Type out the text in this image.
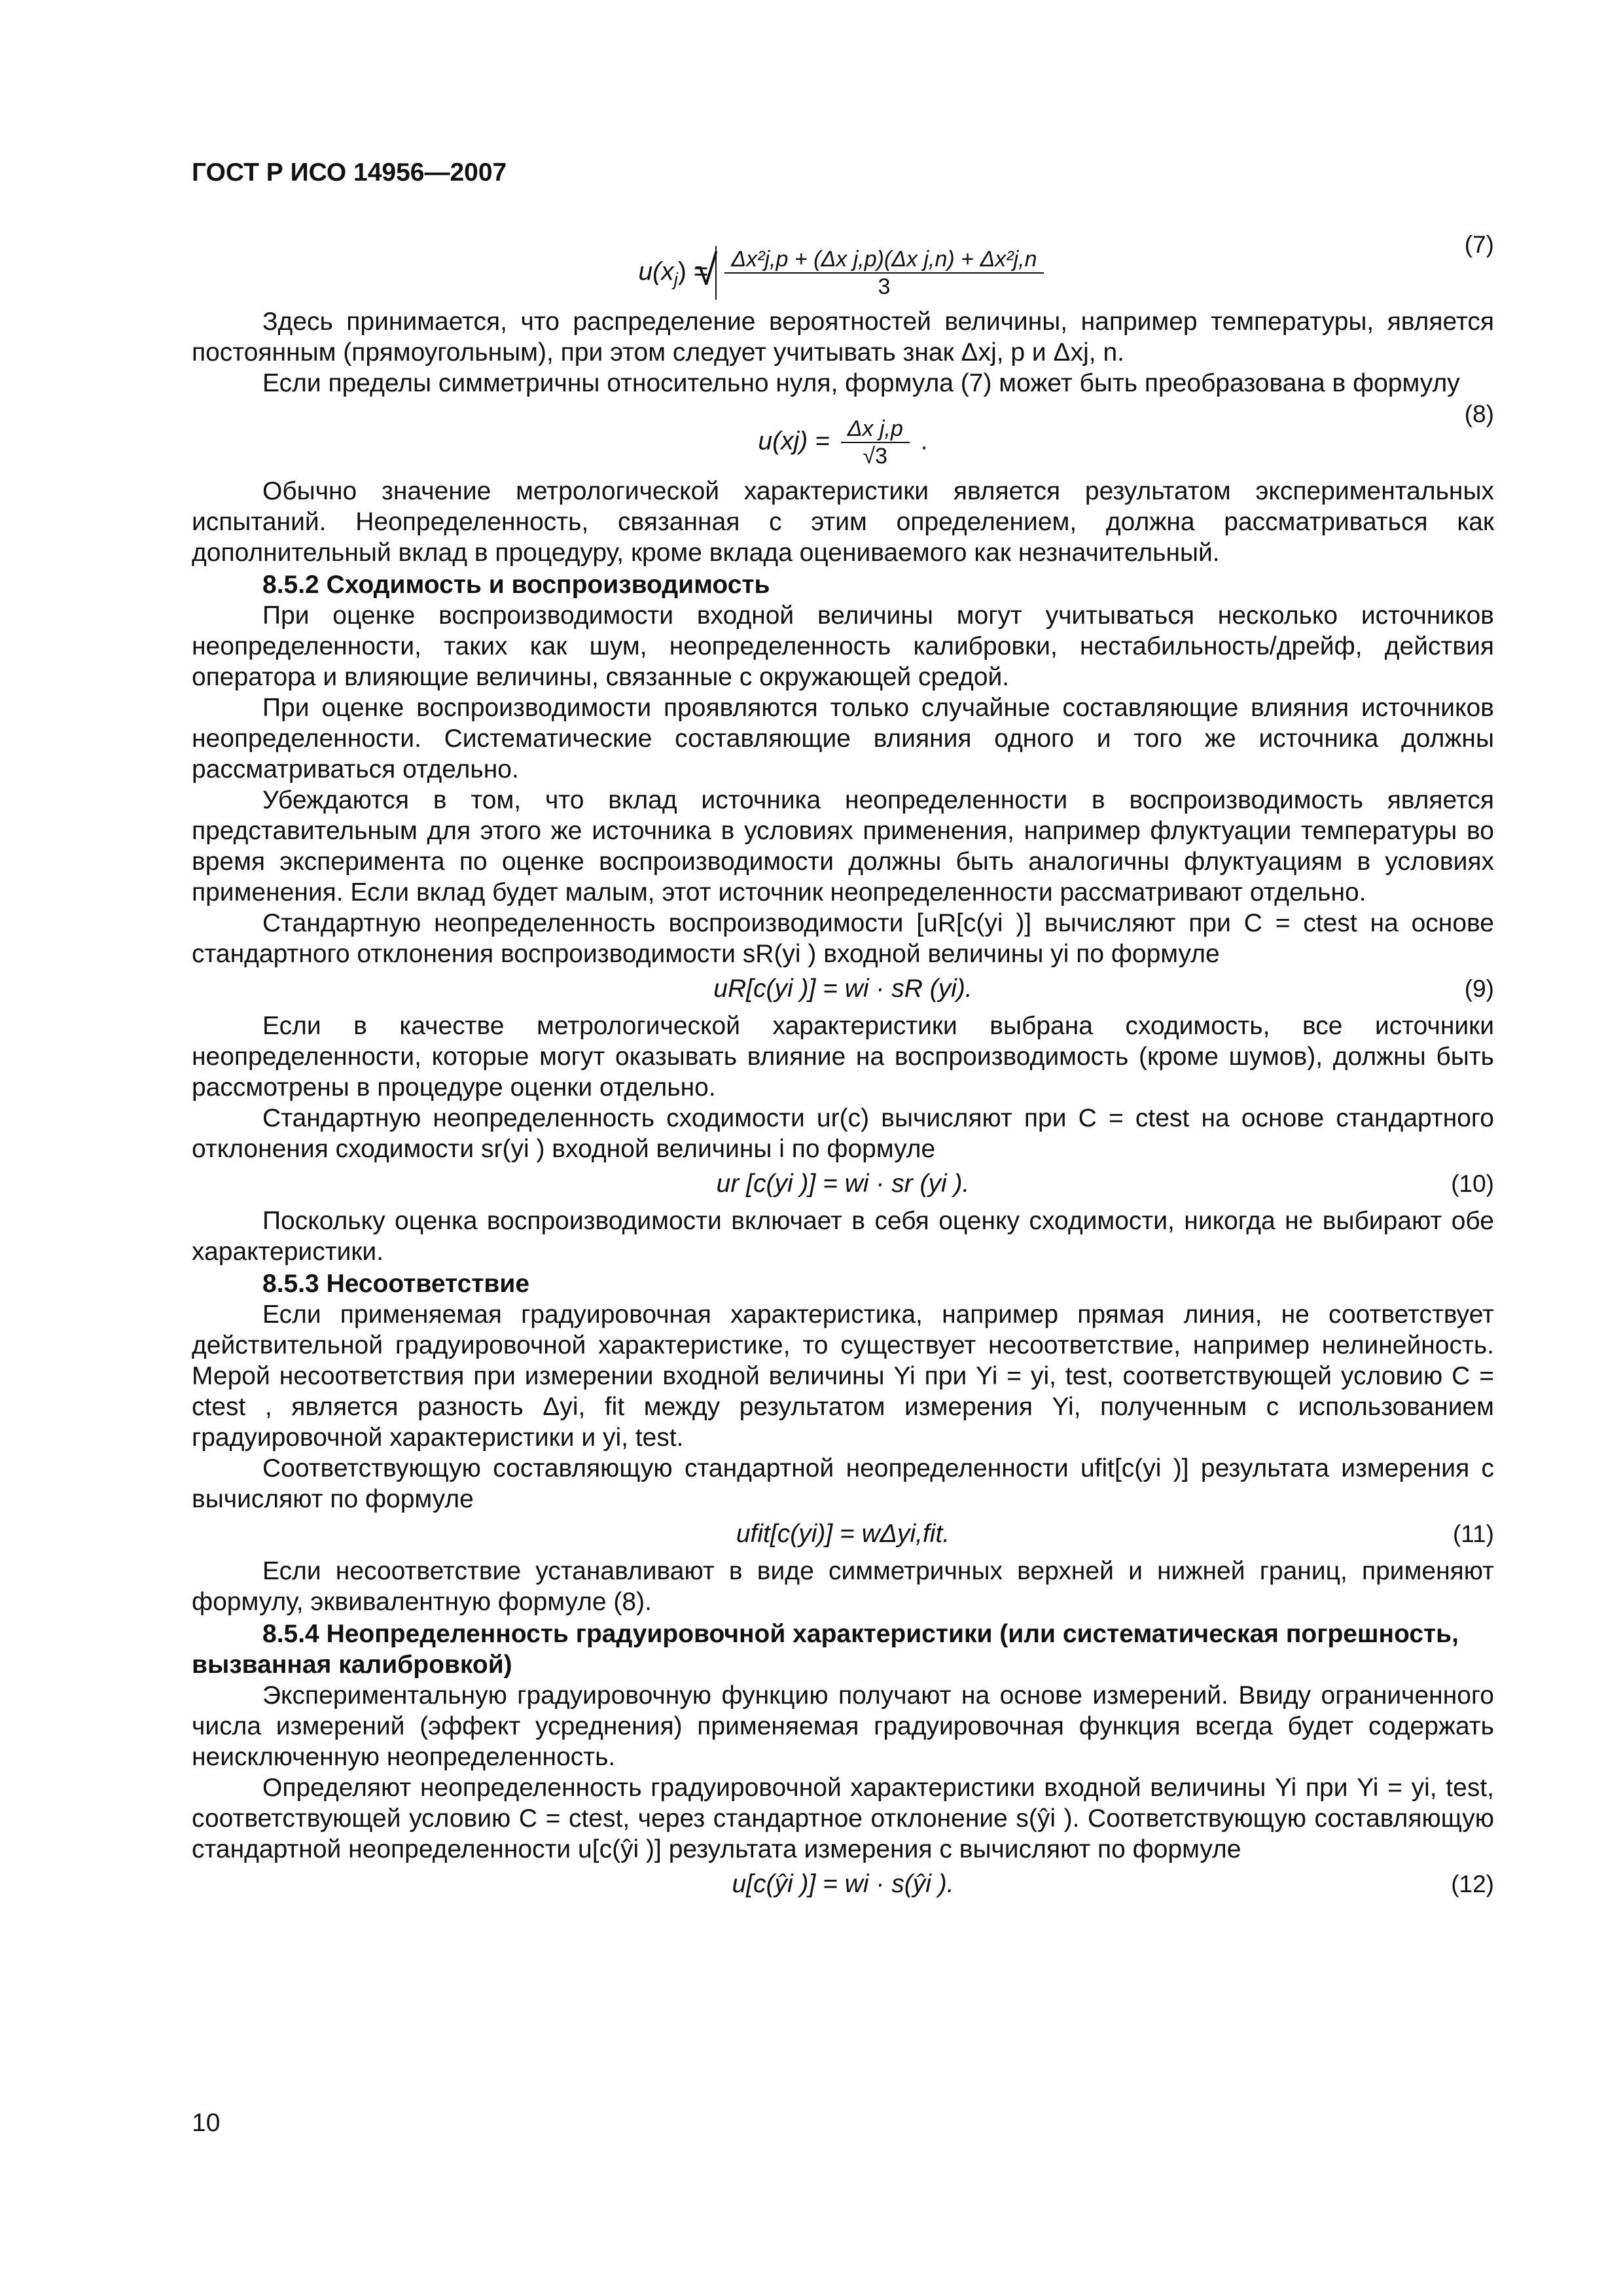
ГОСТ Р ИСО 14956—2007
$u(x_j)$ =
√ $\frac{\text{Δx²j,p + (Δx j,p)(Δx j,n) + Δx²j,n}}{3}$
(7)

Здесь принимается, что распределение вероятностей величины, например температуры, является постоянным (прямоугольным), при этом следует учитывать знак Δxj, p и Δxj, n.

Если пределы симметричны относительно нуля, формула (7) может быть преобразована в формулу

$u(xj) = \frac{\text{Δx j,p}}{√3}$ .
(8)

Обычно значение метрологической характеристики является результатом экспериментальных испытаний. Неопределенность, связанная с этим определением, должна рассматриваться как дополнительный вклад в процедуру, кроме вклада оцениваемого как незначительный.

8.5.2 Сходимость и воспроизводимость

При оценке воспроизводимости входной величины могут учитываться несколько источников неопределенности, таких как шум, неопределенность калибровки, нестабильность/дрейф, действия оператора и влияющие величины, связанные с окружающей средой.

При оценке воспроизводимости проявляются только случайные составляющие влияния источников неопределенности. Систематические составляющие влияния одного и того же источника должны рассматриваться отдельно.

Убеждаются в том, что вклад источника неопределенности в воспроизводимость является представительным для этого же источника в условиях применения, например флуктуации температуры во время эксперимента по оценке воспроизводимости должны быть аналогичны флуктуациям в условиях применения. Если вклад будет малым, этот источник неопределенности рассматривают отдельно.

Стандартную неопределенность воспроизводимости [uR[c(yi )] вычисляют при C = ctest на основе стандартного отклонения воспроизводимости sR(yi ) входной величины yi по формуле

uR[c(yi )] = wi · sR (yi).	(9)

Если в качестве метрологической характеристики выбрана сходимость, все источники неопределенности, которые могут оказывать влияние на воспроизводимость (кроме шумов), должны быть рассмотрены в процедуре оценки отдельно.

Стандартную неопределенность сходимости ur(c) вычисляют при C = ctest на основе стандартного отклонения сходимости sr(yi ) входной величины i по формуле

ur [c(yi )] = wi · sr (yi ).	(10)

Поскольку оценка воспроизводимости включает в себя оценку сходимости, никогда не выбирают обе характеристики.

8.5.3 Несоответствие

Если применяемая градуировочная характеристика, например прямая линия, не соответствует действительной градуировочной характеристике, то существует несоответствие, например нелинейность. Мерой несоответствия при измерении входной величины Yi при Yi = yi, test, соответствующей условию C = ctest , является разность Δyi, fit между результатом измерения Yi, полученным с использованием градуировочной характеристики и yi, test.

Соответствующую составляющую стандартной неопределенности ufit[c(yi )] результата измерения c вычисляют по формуле

ufit[c(yi)] = wΔyi,fit.	(11)

Если несоответствие устанавливают в виде симметричных верхней и нижней границ, применяют формулу, эквивалентную формуле (8).

8.5.4 Неопределенность градуировочной характеристики (или систематическая погрешность, вызванная калибровкой)

Экспериментальную градуировочную функцию получают на основе измерений. Ввиду ограниченного числа измерений (эффект усреднения) применяемая градуировочная функция всегда будет содержать неисключенную неопределенность.

Определяют неопределенность градуировочной характеристики входной величины Yi при Yi = yi, test, соответствующей условию C = ctest, через стандартное отклонение s(ŷi ). Соответствующую составляющую стандартной неопределенности u[c(ŷi )] результата измерения c вычисляют по формуле

u[c(ŷi )] = wi · s(ŷi ).	(12)
10
